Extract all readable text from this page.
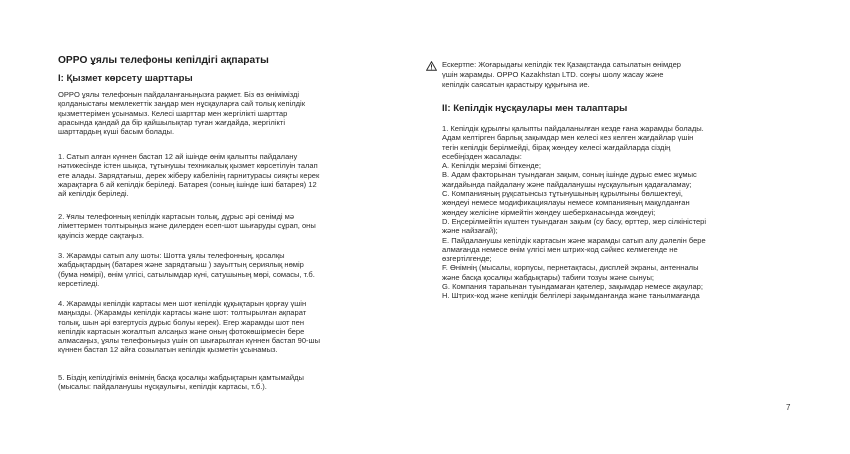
OPPO ұялы телефоны кепілдігі ақпараты
I: Қызмет көрсету шарттары

OPPO ұялы телефонын пайдаланғаныңызға рақмет. Біз өз өнімімізді
қолданыстағы мемлекеттік заңдар мен нұсқауларға сай толық кепілдік
қызметтерімен ұсынамыз. Келесі шарттар мен жергілікті шарттар
арасында қандай да бір қайшылықтар туған жағдайда, жергілікті
шарттардың күші басым болады.

1. Сатып алған күннен бастап 12 ай ішінде өнім қалыпты пайдалану
нәтижесінде істен шықса, тұтынушы техникалық қызмет көрсетілуін талап
ете алады. Зарядтағыш, дерек жіберу кабелінің гарнитурасы сияқты керек
жарақтарға 6 ай кепілдік беріледі. Батарея (соның ішінде ішкі батарея) 12
ай кепілдік беріледі.

2. Ұялы телефонның кепілдік картасын толық, дұрыс әрі сенімді мә
ліметтермен толтырыңыз және дилерден есеп-шот шығаруды сұрап, оны
қауіпсіз жерде сақтаңыз.

3. Жарамды сатып алу шоты: Шотта ұялы телефонның, қосалқы
жабдықтардың (батарея және зарядтағыш ) зауыттың сериялық нөмір
(бума нөмірі), өнім үлгісі, сатылымдар күні, сатушының мөрі, сомасы, т.б.
керсетіледі.

4. Жарамды кепілдік картасы мен шот кепілдік құқықтарын қорғау үшін
маңызды. (Жарамды кепілдік картасы және шот: толтырылған ақпарат
толық, шын әрі өзгертусіз дұрыс болуы керек). Егер жарамды шот пен
кепілдік картасын жоғалтып алсаңыз және оның фотокөшірмесін бере
алмасаңыз, ұялы телефоныңыз үшін оп шығарылған күннен бастап 90-шы
күннен бастап 12 айға созылатын кепілдік қызметін ұсынамыз.

5. Біздің кепілдігіміз өнімнің басқа қосалқы жабдықтарын қамтымайды
(мысалы: пайдаланушы нұсқаулығы, кепілдік картасы, т.б.).

Ескертпе: Жоғарыдағы кепілдік тек Қазақстанда сатылатын өнімдер
үшін жарамды. OPPO Kazakhstan LTD. соңғы шолу жасау және
кепілдік саясатын қарастыру құқығына ие.

II: Кепілдік нұсқаулары мен талаптары

1. Кепілдік құрылғы қалыпты пайдаланылған кезде ғана жарамды болады.
Адам келтірген барлық зақымдар мен келесі кез келген жағдайлар үшін
тегін кепілдік берілмейді, бірақ жөндеу келесі жағдайларда сіздің
есебіңізден жасалады:
A. Кепілдік мерзімі біткенде;
B. Адам факторынан туындаған зақым, соның ішінде дұрыс емес жұмыс
жағдайында пайдалану және пайдаланушы нұсқаулығын қадағаламау;
C. Компанияның рұқсатынсыз тұтынушының құрылғыны бөлшектеуі,
жөндеуі немесе модификациялауы немесе компанияның мақұлданған
жөндеу желісіне кірмейтін жөндеу шеберханасында жөндеуі;
D. Еңсерілмейтін күштен туындаған зақым (су басу, өрттер, жер сілкіністері
және найзағай);
E. Пайдаланушы кепілдік картасын және жарамды сатып алу дәлелін бере
алмағанда немесе өнім үлгісі мен штрих-код сәйкес келмегенде не
өзгертілгенде;
F. Өнімнің (мысалы, корпусы, пернетақтасы, дисплей экраны, антенналы
және басқа қосалқы жабдықтары) табиғи тозуы және сынуы;
G. Компания тарапынан туындамаған қателер, зақымдар немесе ақаулар;
H. Штрих-код және кепілдік белгілері зақымданғанда және танылмағанда

7
